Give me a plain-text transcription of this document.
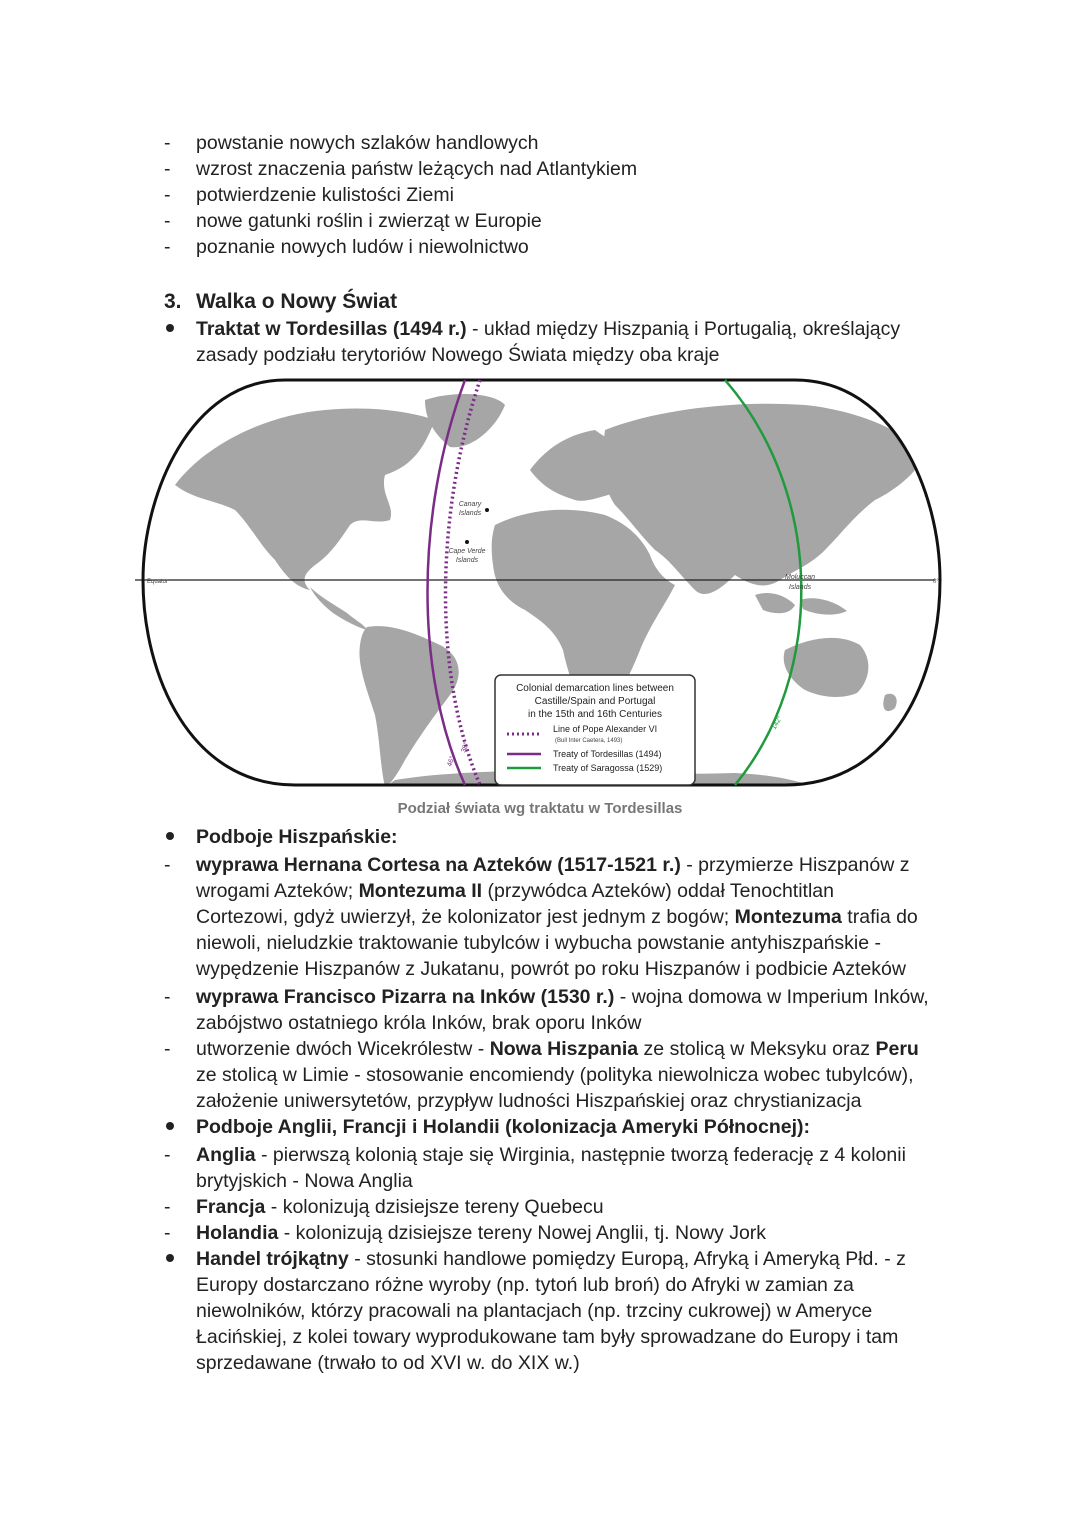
- powstanie nowych szlaków handlowych
- wzrost znaczenia państw leżących nad Atlantykiem
- potwierdzenie kulistości Ziemi
- nowe gatunki roślin i zwierząt w Europie
- poznanie nowych ludów i niewolnictwo
3. Walka o Nowy Świat
Traktat w Tordesillas (1494 r.) - układ między Hiszpanią i Portugalią, określający
zasady podziału terytoriów Nowego Świata między oba kraje
Equator	0°
46°
38°
142°
Canary
Islands
Cape Verde
Islands
Moluccan
Islands
Colonial demarcation lines between
Castille/Spain and Portugal
in the 15th and 16th Centuries
Line of Pope Alexander VI
(Bull Inter Caetera, 1493)
Treaty of Tordesillas (1494)
Treaty of Saragossa (1529)
Podział świata wg traktatu w Tordesillas
Podboje Hiszpańskie:
- wyprawa Hernana Cortesa na Azteków (1517-1521 r.) - przymierze Hiszpanów z
wrogami Azteków; Montezuma II (przywódca Azteków) oddał Tenochtitlan
Cortezowi, gdyż uwierzył, że kolonizator jest jednym z bogów; Montezuma trafia do
niewoli, nieludzkie traktowanie tubylców i wybucha powstanie antyhiszpańskie -
wypędzenie Hiszpanów z Jukatanu, powrót po roku Hiszpanów i podbicie Azteków
- wyprawa Francisco Pizarra na Inków (1530 r.) - wojna domowa w Imperium Inków,
zabójstwo ostatniego króla Inków, brak oporu Inków
- utworzenie dwóch Wicekrólestw - Nowa Hiszpania ze stolicą w Meksyku oraz Peru
ze stolicą w Limie - stosowanie encomiendy (polityka niewolnicza wobec tubylców),
założenie uniwersytetów, przypływ ludności Hiszpańskiej oraz chrystianizacja
Podboje Anglii, Francji i Holandii (kolonizacja Ameryki Północnej):
- Anglia - pierwszą kolonią staje się Wirginia, następnie tworzą federację z 4 kolonii
brytyjskich - Nowa Anglia
- Francja - kolonizują dzisiejsze tereny Quebecu
- Holandia - kolonizują dzisiejsze tereny Nowej Anglii, tj. Nowy Jork
Handel trójkątny - stosunki handlowe pomiędzy Europą, Afryką i Ameryką Płd. - z
Europy dostarczano różne wyroby (np. tytoń lub broń) do Afryki w zamian za
niewolników, którzy pracowali na plantacjach (np. trzciny cukrowej) w Ameryce
Łacińskiej, z kolei towary wyprodukowane tam były sprowadzane do Europy i tam
sprzedawane (trwało to od XVI w. do XIX w.)
